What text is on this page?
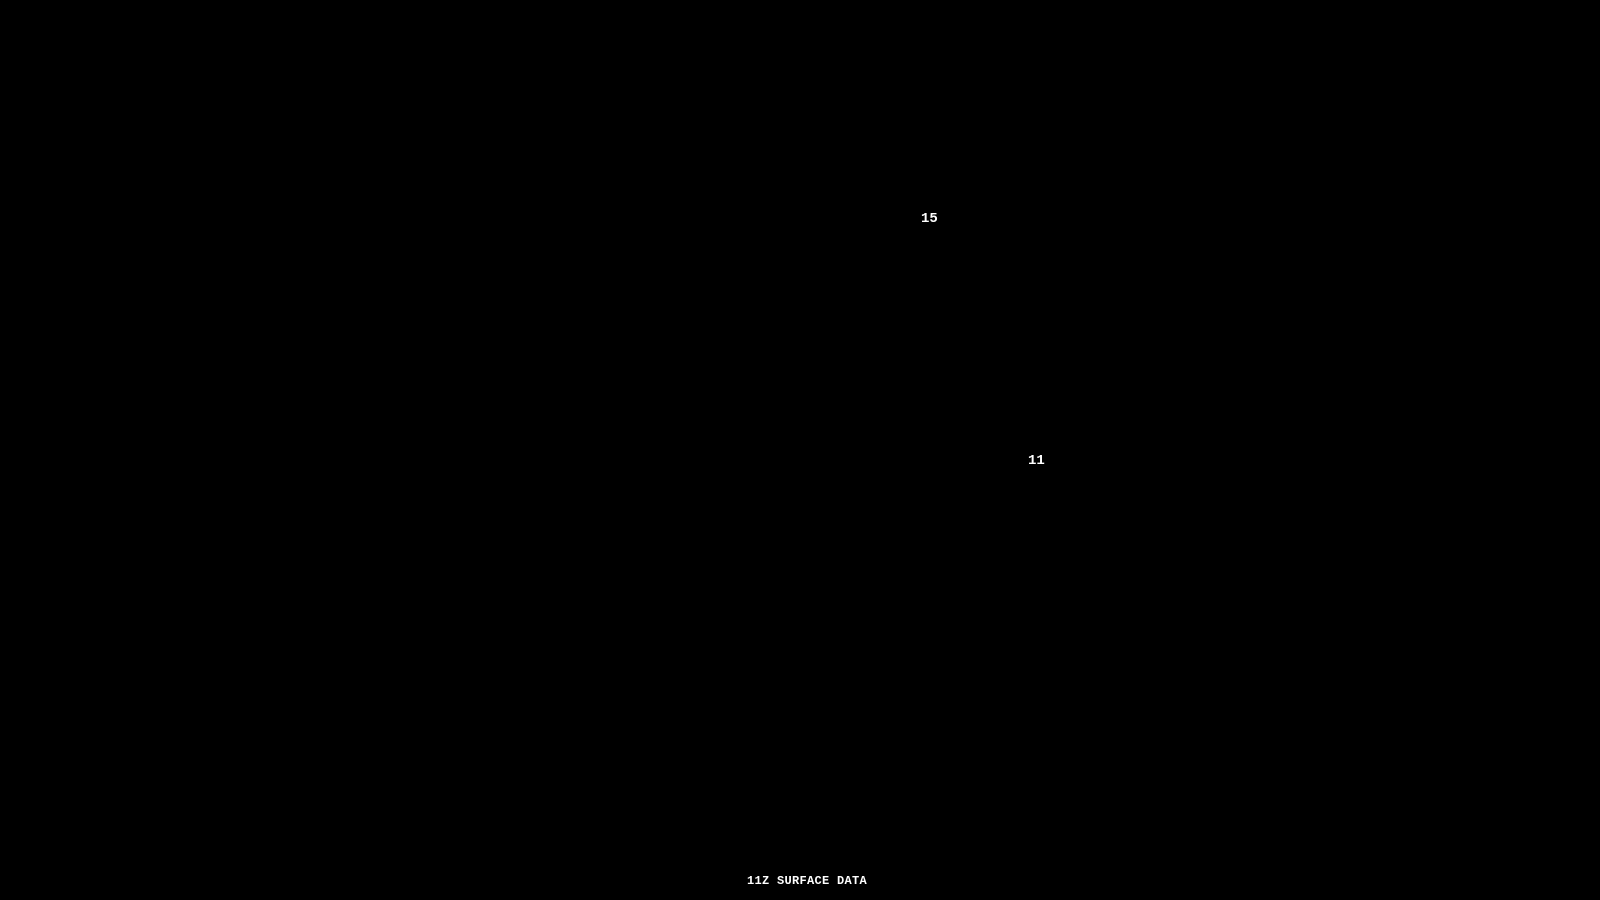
15
11
11Z SURFACE DATA
